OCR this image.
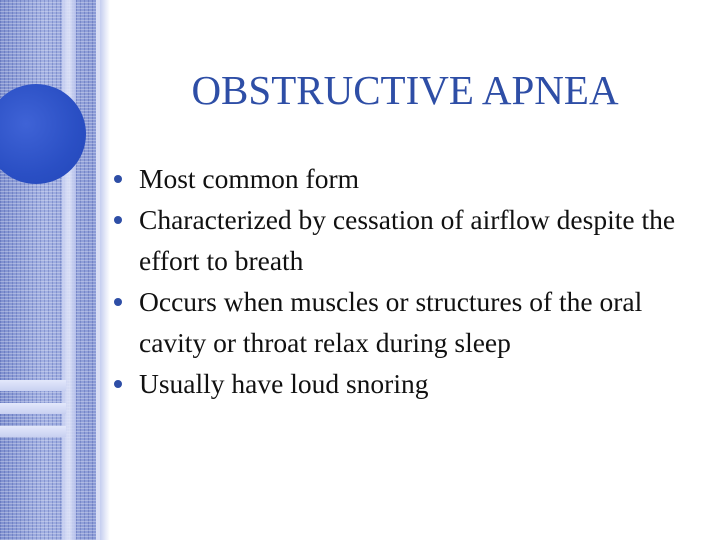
OBSTRUCTIVE APNEA
Most common form
Characterized by cessation of airflow despite the effort to breath
Occurs when muscles or structures of the oral cavity or throat relax during sleep
Usually have loud snoring
